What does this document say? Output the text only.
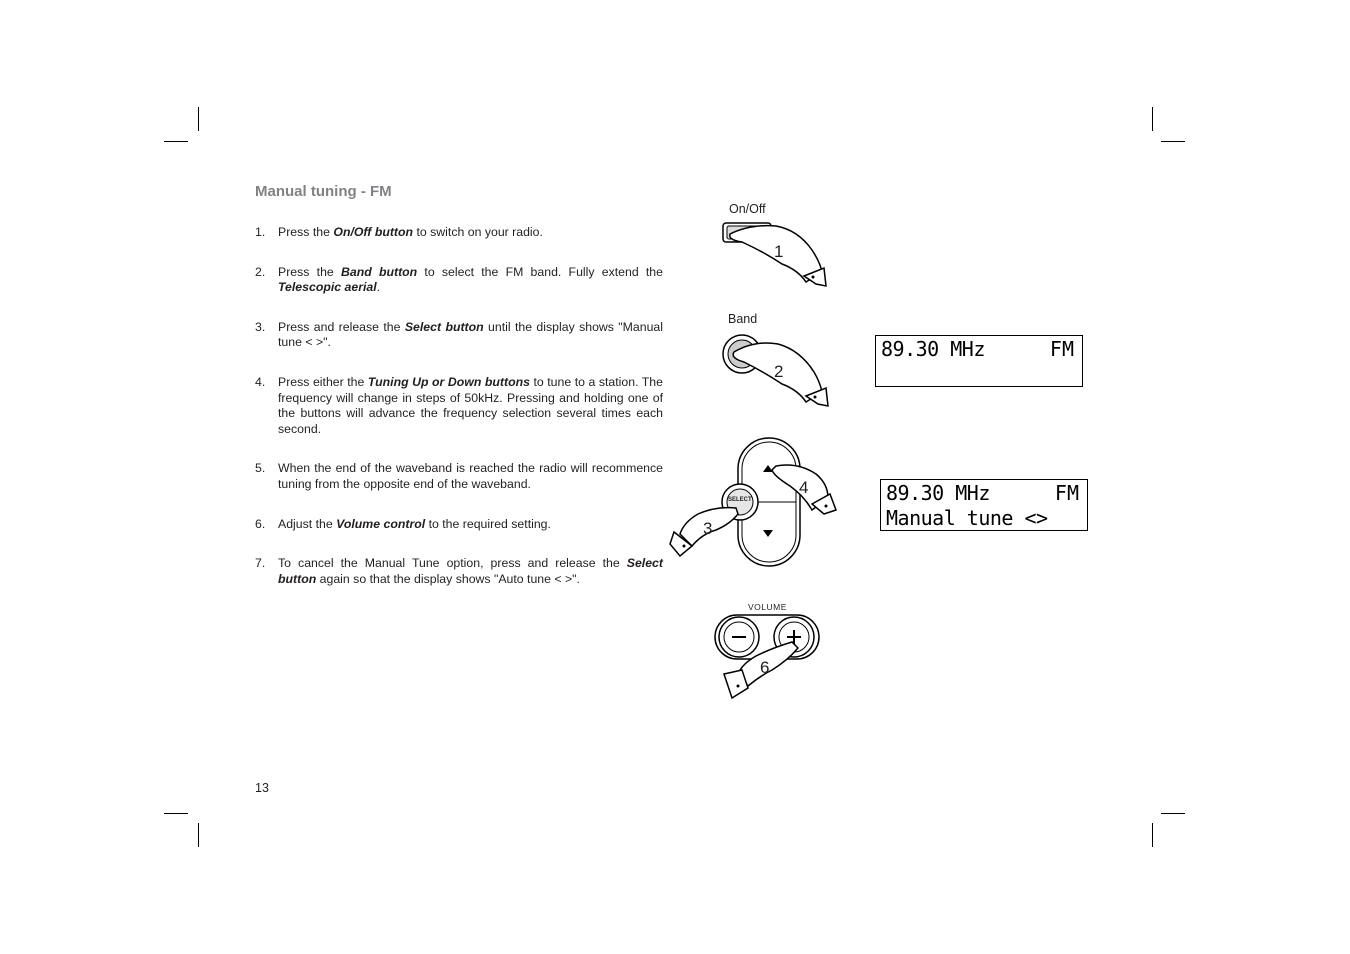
Manual tuning - FM
1. Press the On/Off button to switch on your radio.
2. Press the Band button to select the FM band. Fully extend the Telescopic aerial.
3. Press and release the Select button until the display shows "Manual tune < >".
4. Press either the Tuning Up or Down buttons to tune to a station. The frequency will change in steps of 50kHz. Pressing and holding one of the buttons will advance the frequency selection several times each second.
5. When the end of the waveband is reached the radio will recommence tuning from the opposite end of the waveband.
6. Adjust the Volume control to the required setting.
7. To cancel the Manual Tune option, press and release the Select button again so that the display shows "Auto tune < >".
13
On/Off
1
Band
2
SELECT
4
3
VOLUME
6
89.30 MHz	FM
89.30 MHz	FM
Manual tune <>
